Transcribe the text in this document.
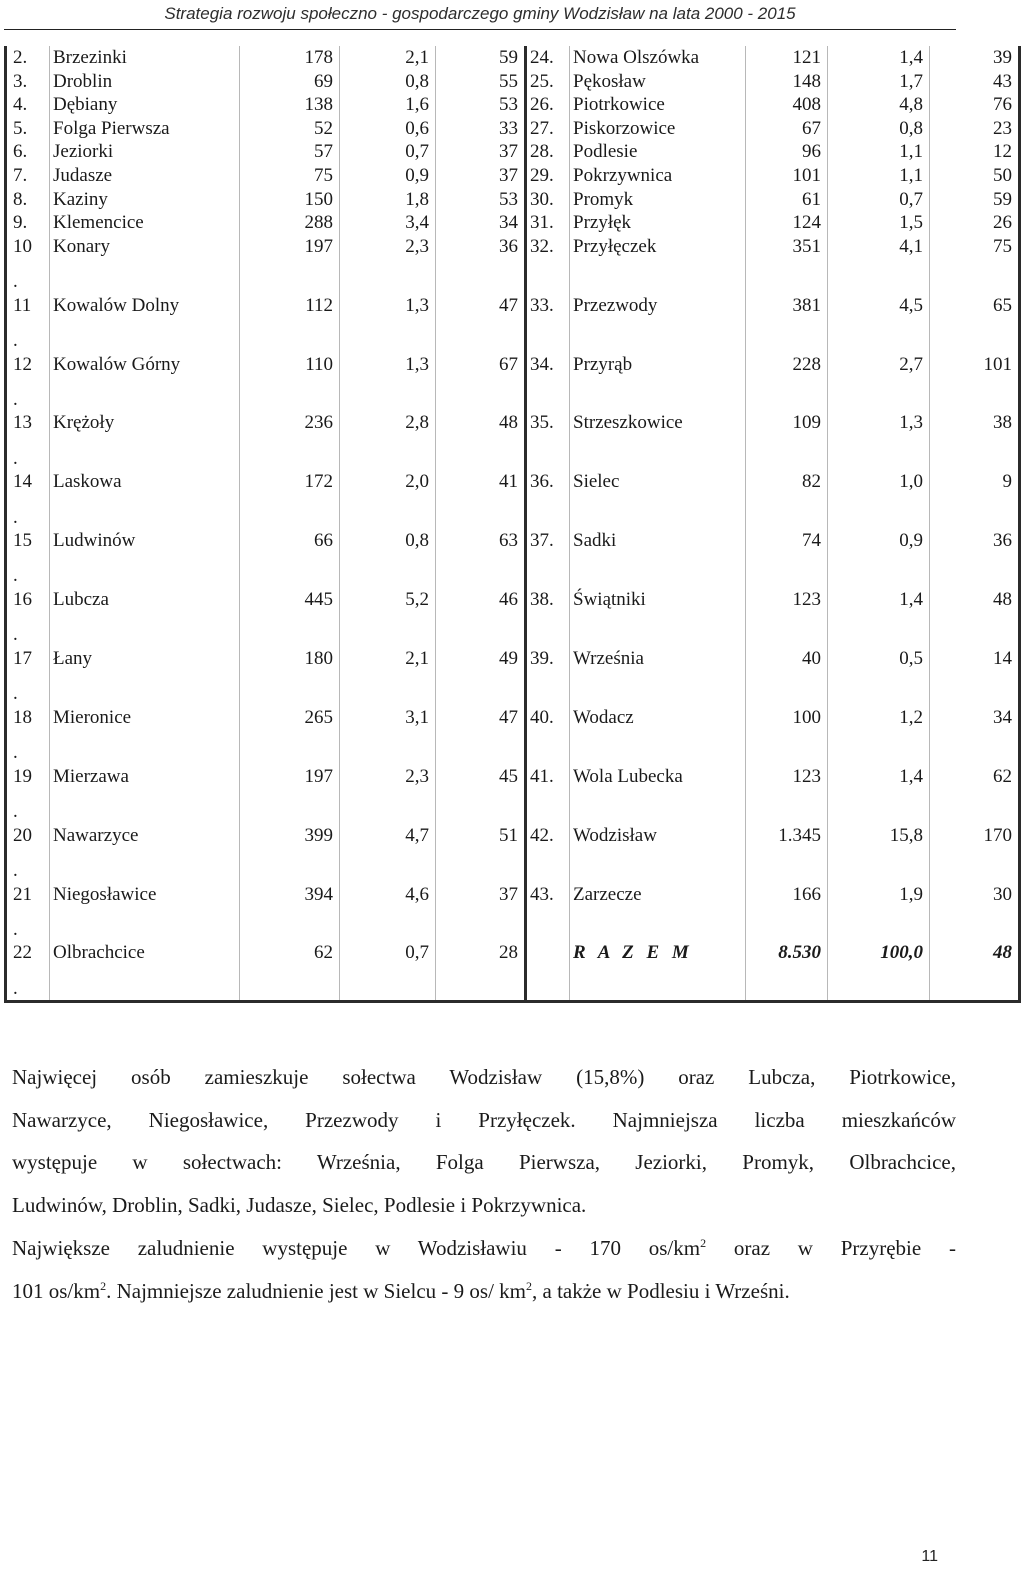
Strategia rozwoju społeczno - gospodarczego gminy Wodzisław na lata 2000 - 2015
2.	Brzezinki	178	2,1	59	24.	Nowa Olszówka	121	1,4	39
3.	Droblin	69	0,8	55	25.	Pękosław	148	1,7	43
4.	Dębiany	138	1,6	53	26.	Piotrkowice	408	4,8	76
5.	Folga Pierwsza	52	0,6	33	27.	Piskorzowice	67	0,8	23
6.	Jeziorki	57	0,7	37	28.	Podlesie	96	1,1	12
7.	Judasze	75	0,9	37	29.	Pokrzywnica	101	1,1	50
8.	Kaziny	150	1,8	53	30.	Promyk	61	0,7	59
9.	Klemencice	288	3,4	34	31.	Przyłęk	124	1,5	26
10
.	Konary	197	2,3	36	32.	Przyłęczek	351	4,1	75
11
.	Kowalów Dolny	112	1,3	47	33.	Przezwody	381	4,5	65
12
.	Kowalów Górny	110	1,3	67	34.	Przyrąb	228	2,7	101
13
.	Krężoły	236	2,8	48	35.	Strzeszkowice	109	1,3	38
14
.	Laskowa	172	2,0	41	36.	Sielec	82	1,0	9
15
.	Ludwinów	66	0,8	63	37.	Sadki	74	0,9	36
16
.	Lubcza	445	5,2	46	38.	Świątniki	123	1,4	48
17
.	Łany	180	2,1	49	39.	Września	40	0,5	14
18
.	Mieronice	265	3,1	47	40.	Wodacz	100	1,2	34
19
.	Mierzawa	197	2,3	45	41.	Wola Lubecka	123	1,4	62
20
.	Nawarzyce	399	4,7	51	42.	Wodzisław	1.345	15,8	170
21
.	Niegosławice	394	4,6	37	43.	Zarzecze	166	1,9	30
22
.	Olbrachcice	62	0,7	28		R A Z E M	8.530	100,0	48
Najwięcej osób zamieszkuje sołectwa Wodzisław (15,8%) oraz Lubcza, Piotrkowice,
Nawarzyce, Niegosławice, Przezwody i Przyłęczek. Najmniejsza liczba mieszkańców
występuje w sołectwach: Września, Folga Pierwsza, Jeziorki, Promyk, Olbrachcice,
Ludwinów, Droblin, Sadki, Judasze, Sielec, Podlesie i Pokrzywnica.
Największe zaludnienie występuje w Wodzisławiu - 170 $os/km^2$ oraz w Przyrębie -
101 $os/km^2$. Najmniejsze zaludnienie jest w Sielcu - 9 os/ $km^2$, a także w Podlesiu i Wrześni.
11
